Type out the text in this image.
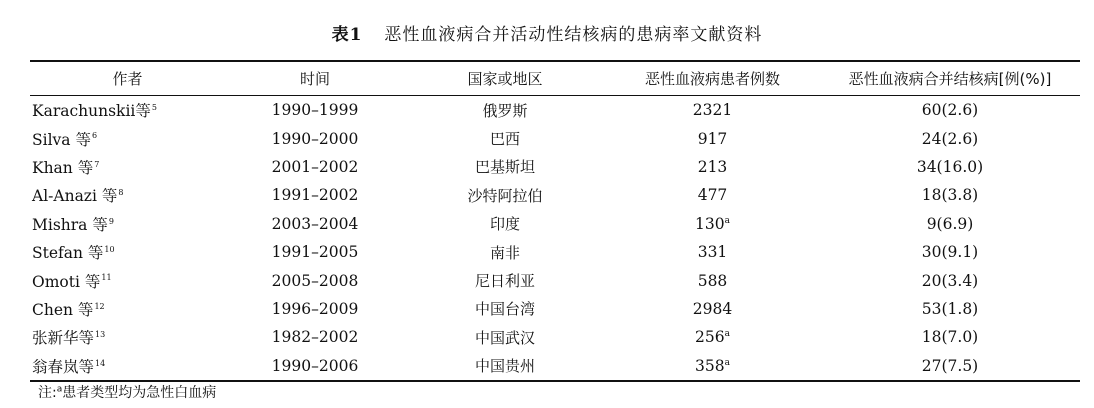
表1 恶性血液病合并活动性结核病的患病率文献资料
作者	时间	国家或地区	恶性血液病患者例数	恶性血液病合并结核病[例(%)]
Karachunskii等$^5$	1990–1999	俄罗斯	2321	60(2.6)
Silva 等$^6$	1990–2000	巴西	917	24(2.6)
Khan 等$^7$	2001–2002	巴基斯坦	213	34(16.0)
Al-Anazi 等$^8$	1991–2002	沙特阿拉伯	477	18(3.8)
Mishra 等$^9$	2003–2004	印度	130$^a$	9(6.9)
Stefan 等$^{10}$	1991–2005	南非	331	30(9.1)
Omoti 等$^{11}$	2005–2008	尼日利亚	588	20(3.4)
Chen 等$^{12}$	1996–2009	中国台湾	2984	53(1.8)
张新华等$^{13}$	1982–2002	中国武汉	256$^a$	18(7.0)
翁春岚等$^{14}$	1990–2006	中国贵州	358$^a$	27(7.5)
注:$^a$患者类型均为急性白血病
